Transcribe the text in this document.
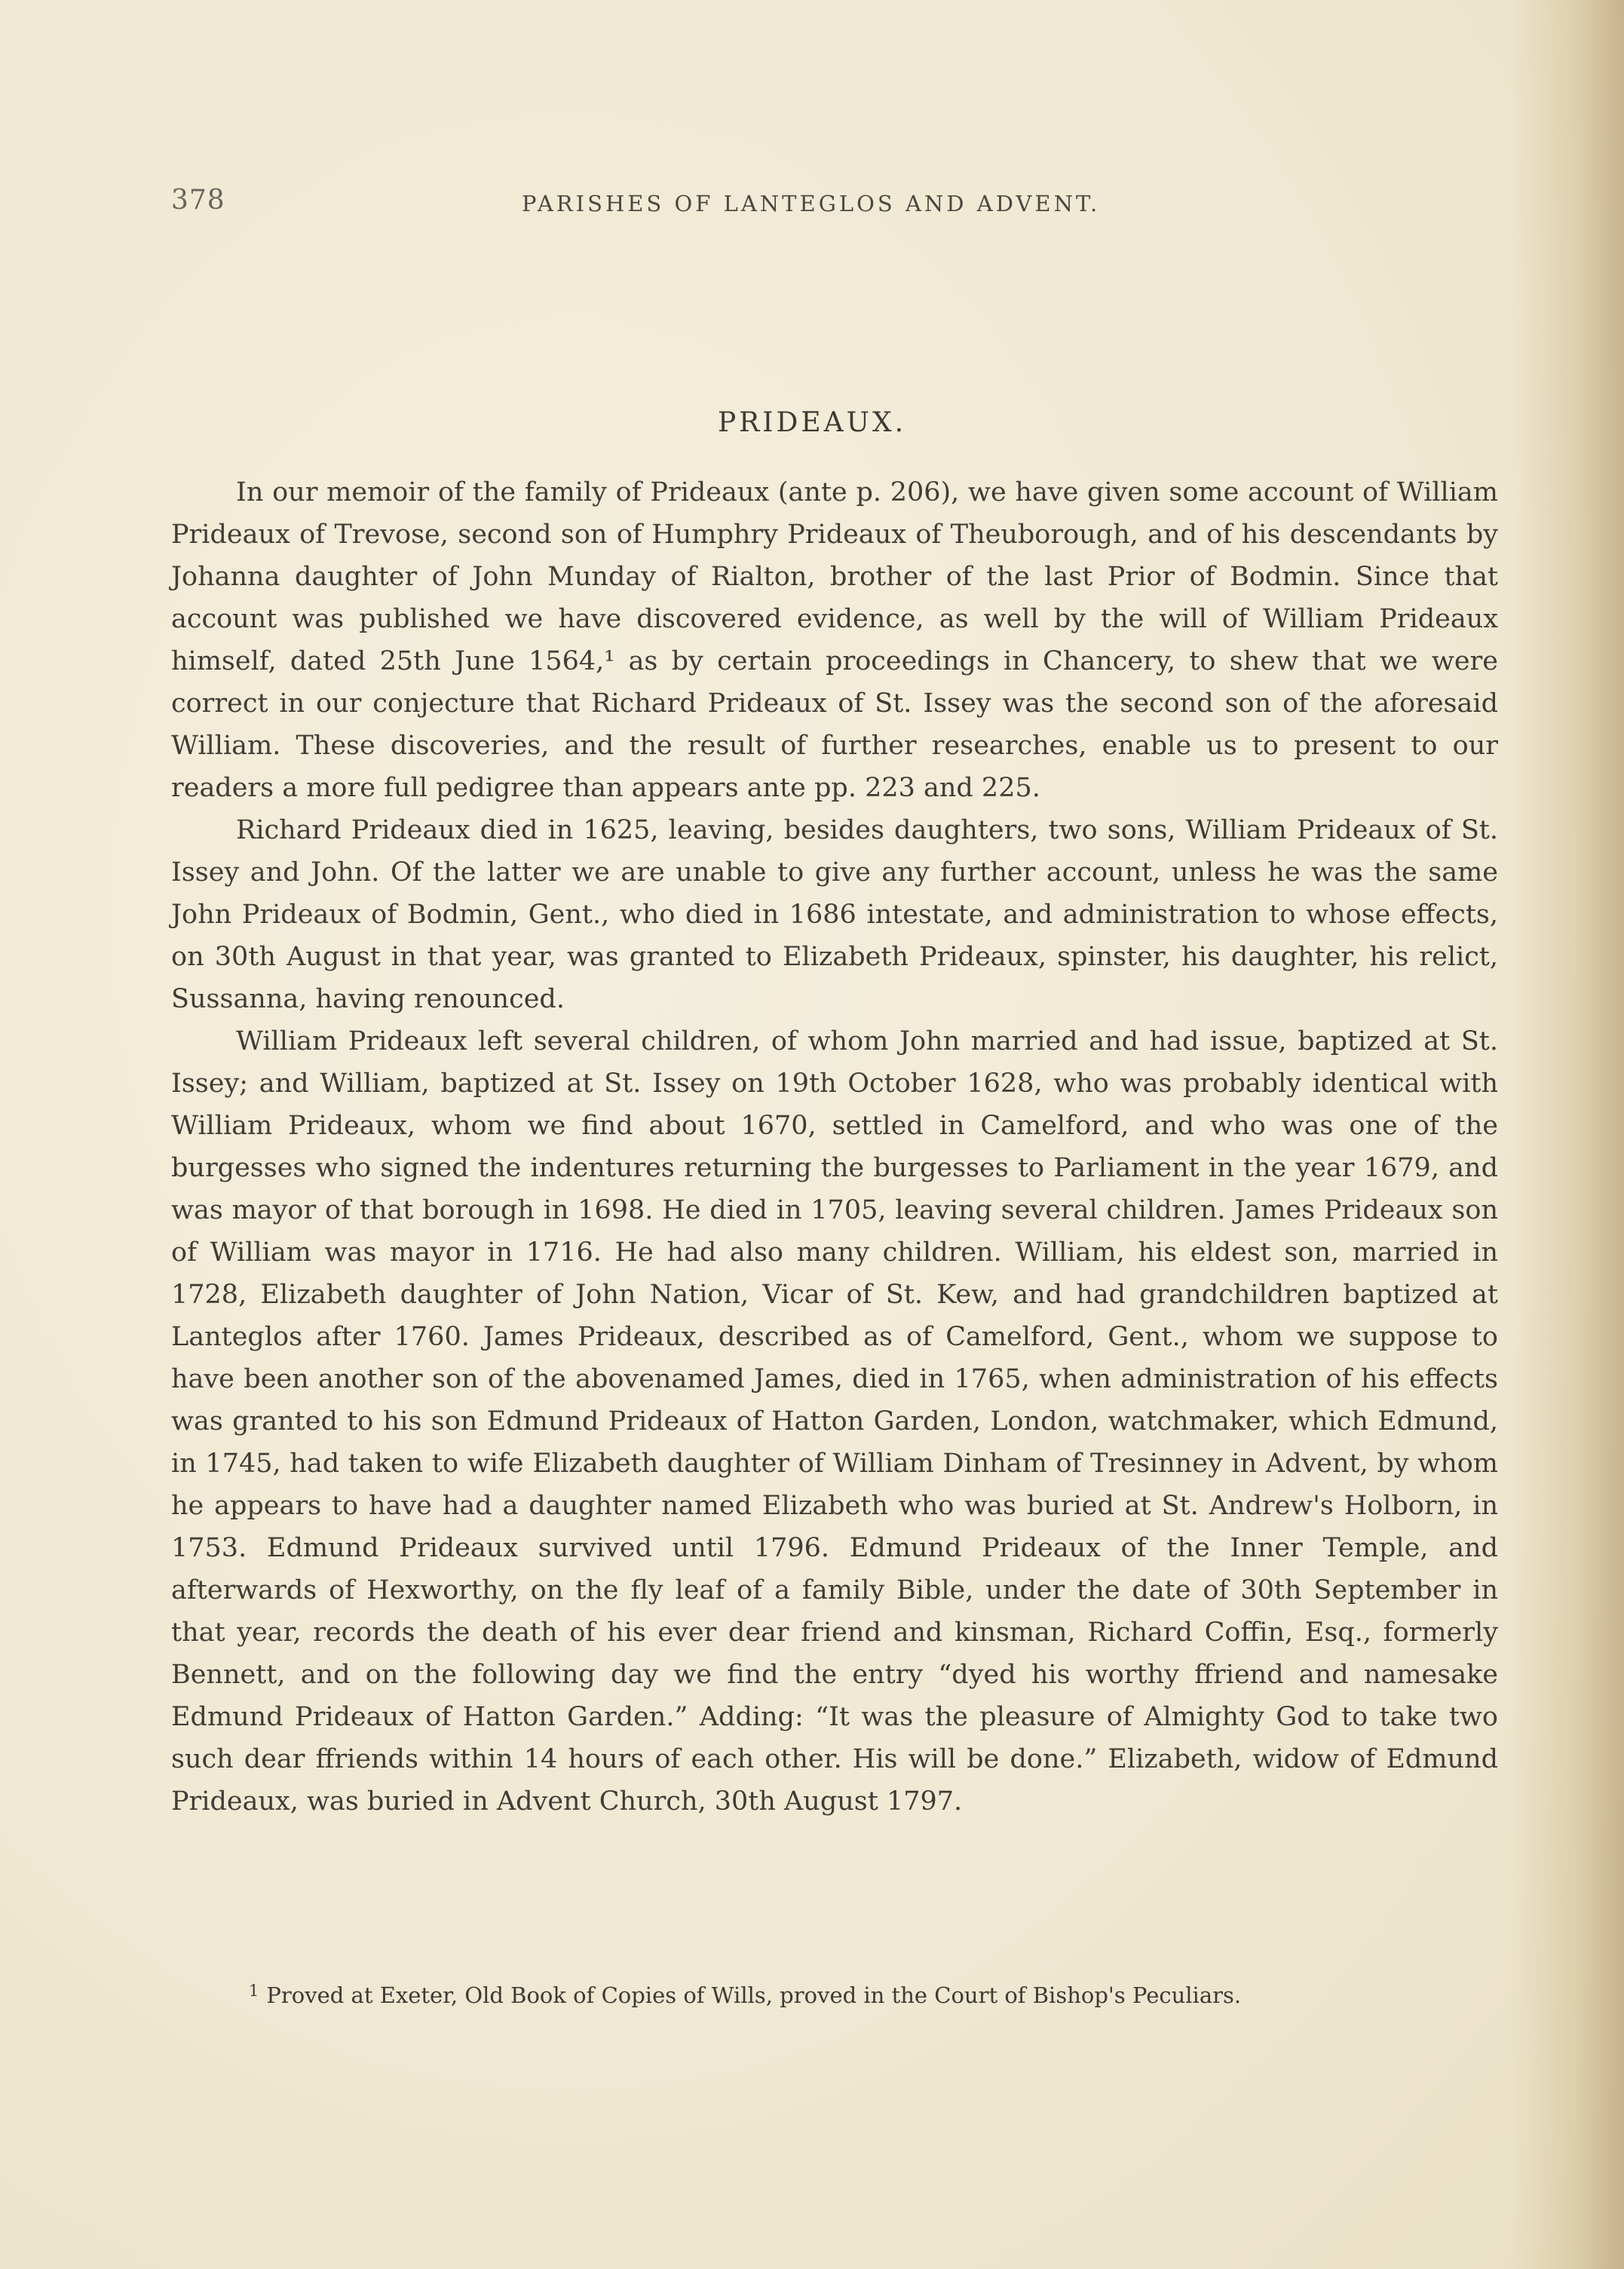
378	PARISHES OF LANTEGLOS AND ADVENT.
PRIDEAUX.

In our memoir of the family of Prideaux (ante p. 206), we have given some account of William Prideaux of Trevose, second son of Humphry Prideaux of Theuborough, and of his descendants by Johanna daughter of John Munday of Rialton, brother of the last Prior of Bodmin. Since that account was published we have discovered evidence, as well by the will of William Prideaux himself, dated 25th June 1564,¹ as by certain proceedings in Chancery, to shew that we were correct in our conjecture that Richard Prideaux of St. Issey was the second son of the aforesaid William. These discoveries, and the result of further researches, enable us to present to our readers a more full pedigree than appears ante pp. 223 and 225.

Richard Prideaux died in 1625, leaving, besides daughters, two sons, William Prideaux of St. Issey and John. Of the latter we are unable to give any further account, unless he was the same John Prideaux of Bodmin, Gent., who died in 1686 intestate, and administration to whose effects, on 30th August in that year, was granted to Elizabeth Prideaux, spinster, his daughter, his relict, Sussanna, having renounced.

William Prideaux left several children, of whom John married and had issue, baptized at St. Issey; and William, baptized at St. Issey on 19th October 1628, who was probably identical with William Prideaux, whom we find about 1670, settled in Camelford, and who was one of the burgesses who signed the indentures returning the burgesses to Parliament in the year 1679, and was mayor of that borough in 1698. He died in 1705, leaving several children. James Prideaux son of William was mayor in 1716. He had also many children. William, his eldest son, married in 1728, Elizabeth daughter of John Nation, Vicar of St. Kew, and had grandchildren baptized at Lanteglos after 1760. James Prideaux, described as of Camelford, Gent., whom we suppose to have been another son of the abovenamed James, died in 1765, when administration of his effects was granted to his son Edmund Prideaux of Hatton Garden, London, watchmaker, which Edmund, in 1745, had taken to wife Elizabeth daughter of William Dinham of Tresinney in Advent, by whom he appears to have had a daughter named Elizabeth who was buried at St. Andrew's Holborn, in 1753. Edmund Prideaux survived until 1796. Edmund Prideaux of the Inner Temple, and afterwards of Hexworthy, on the fly leaf of a family Bible, under the date of 30th September in that year, records the death of his ever dear friend and kinsman, Richard Coffin, Esq., formerly Bennett, and on the following day we find the entry “dyed his worthy ffriend and namesake Edmund Prideaux of Hatton Garden.” Adding: “It was the pleasure of Almighty God to take two such dear ffriends within 14 hours of each other. His will be done.” Elizabeth, widow of Edmund Prideaux, was buried in Advent Church, 30th August 1797.

$^1$ Proved at Exeter, Old Book of Copies of Wills, proved in the Court of Bishop's Peculiars.
